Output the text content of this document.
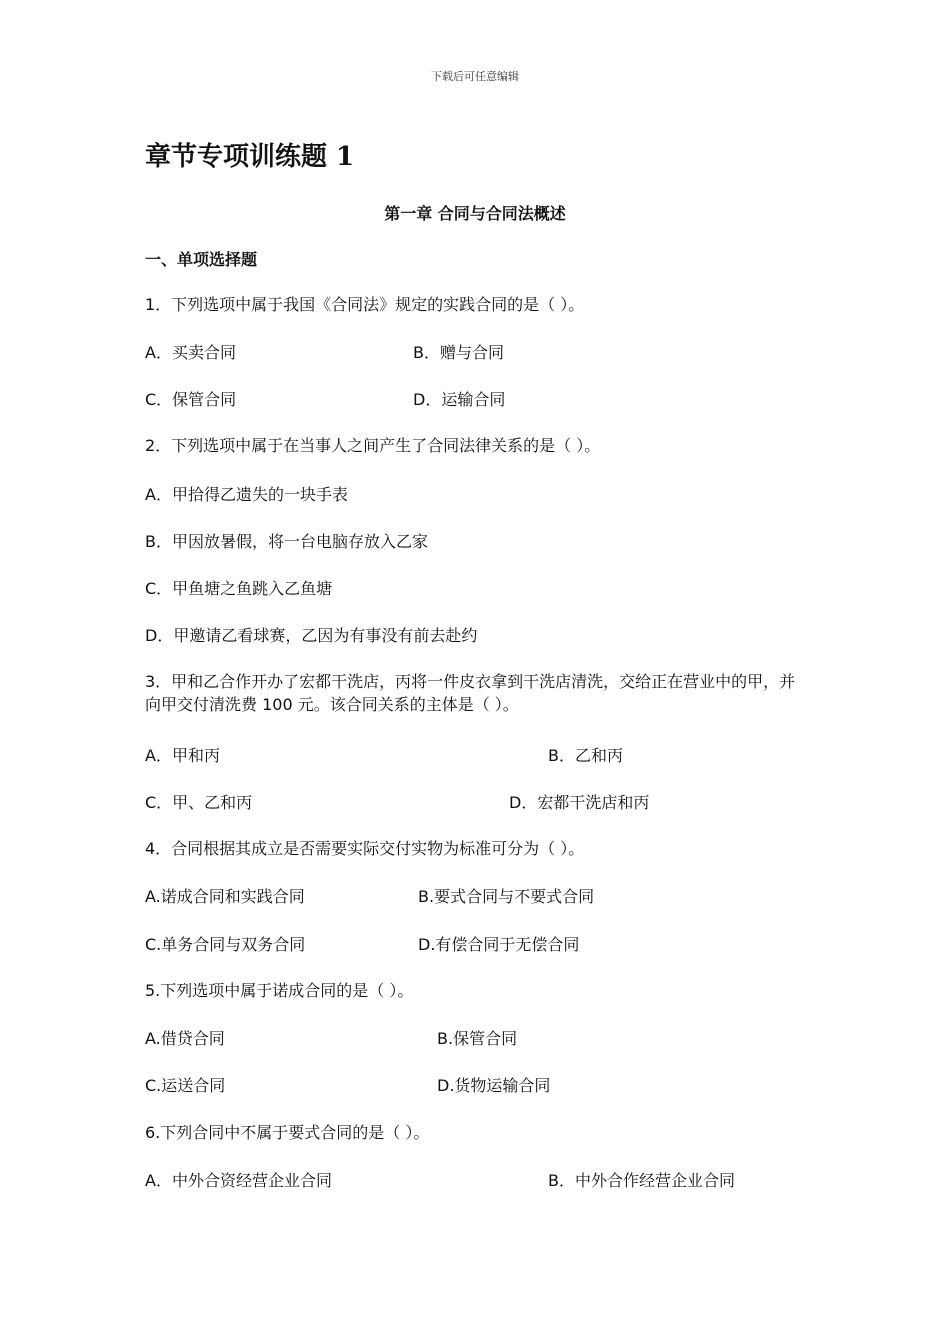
下载后可任意编辑
章节专项训练题 1
第一章 合同与合同法概述
一、单项选择题
1．下列选项中属于我国《合同法》规定的实践合同的是（ ）。
A．买卖合同	B．赠与合同
C．保管合同	D．运输合同
2．下列选项中属于在当事人之间产生了合同法律关系的是（ ）。
A．甲拾得乙遗失的一块手表
B．甲因放暑假，将一台电脑存放入乙家
C．甲鱼塘之鱼跳入乙鱼塘
D．甲邀请乙看球赛，乙因为有事没有前去赴约
3．甲和乙合作开办了宏都干洗店，丙将一件皮衣拿到干洗店清洗，交给正在营业中的甲，并向甲交付清洗费 100 元。该合同关系的主体是（ ）。
A．甲和丙	B．乙和丙
C．甲、乙和丙	D．宏都干洗店和丙
4．合同根据其成立是否需要实际交付实物为标准可分为（ ）。
A.诺成合同和实践合同	B.要式合同与不要式合同
C.单务合同与双务合同	D.有偿合同于无偿合同
5.下列选项中属于诺成合同的是（ ）。
A.借贷合同	B.保管合同
C.运送合同	D.货物运输合同
6.下列合同中不属于要式合同的是（ ）。
A．中外合资经营企业合同	B．中外合作经营企业合同
